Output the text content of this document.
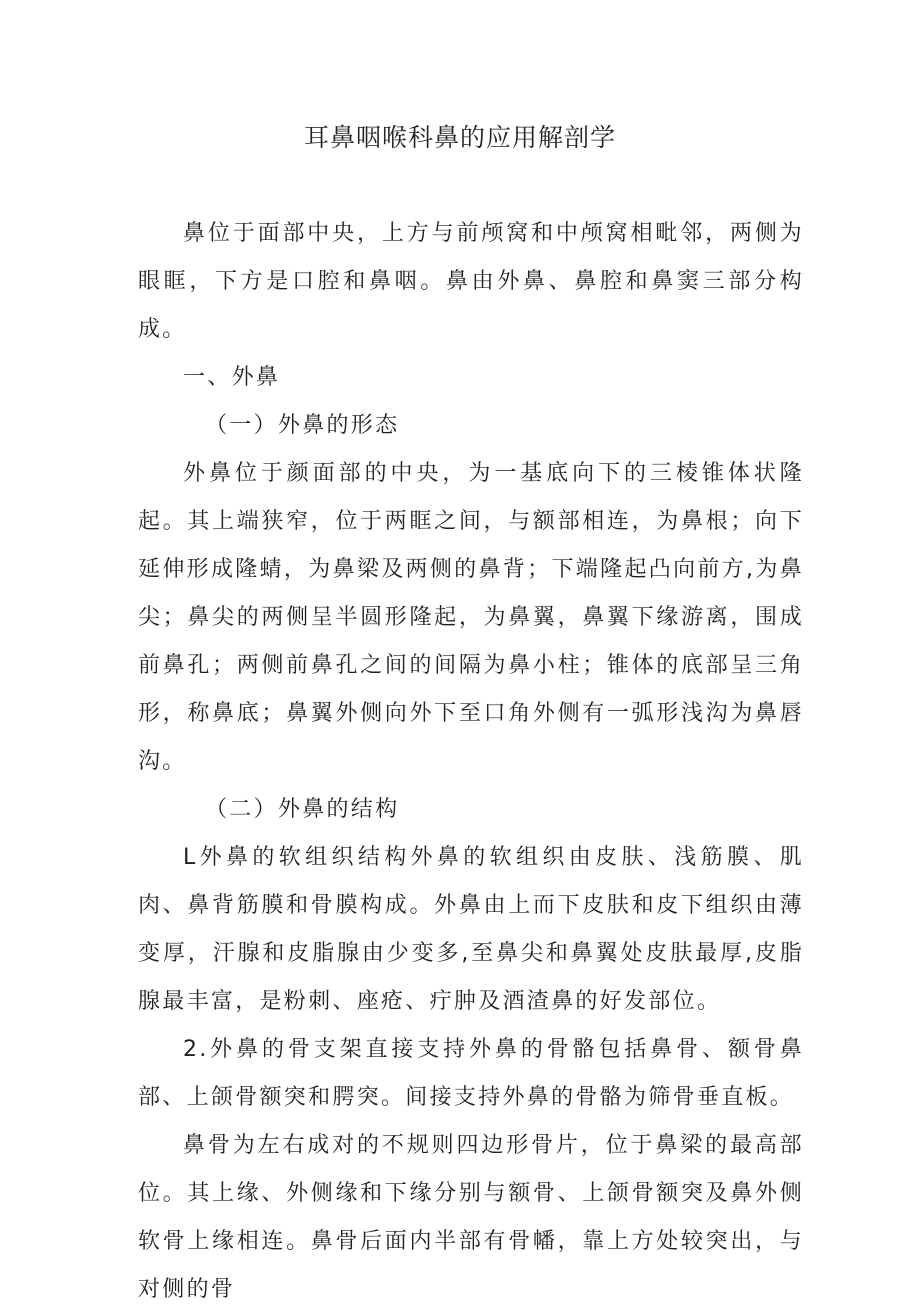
耳鼻咽喉科鼻的应用解剖学

鼻位于面部中央，上方与前颅窝和中颅窝相毗邻，两侧为眼眶，下方是口腔和鼻咽。鼻由外鼻、鼻腔和鼻窦三部分构成。

一、外鼻

（一）外鼻的形态

外鼻位于颜面部的中央，为一基底向下的三棱锥体状隆起。其上端狭窄，位于两眶之间，与额部相连，为鼻根；向下延伸形成隆蜻，为鼻梁及两侧的鼻背；下端隆起凸向前方,为鼻尖；鼻尖的两侧呈半圆形隆起，为鼻翼，鼻翼下缘游离，围成前鼻孔；两侧前鼻孔之间的间隔为鼻小柱；锥体的底部呈三角形，称鼻底；鼻翼外侧向外下至口角外侧有一弧形浅沟为鼻唇沟。

（二）外鼻的结构

L外鼻的软组织结构外鼻的软组织由皮肤、浅筋膜、肌肉、鼻背筋膜和骨膜构成。外鼻由上而下皮肤和皮下组织由薄变厚，汗腺和皮脂腺由少变多,至鼻尖和鼻翼处皮肤最厚,皮脂腺最丰富，是粉刺、座疮、疔肿及酒渣鼻的好发部位。

2.外鼻的骨支架直接支持外鼻的骨骼包括鼻骨、额骨鼻部、上颌骨额突和腭突。间接支持外鼻的骨骼为筛骨垂直板。

鼻骨为左右成对的不规则四边形骨片，位于鼻梁的最高部位。其上缘、外侧缘和下缘分别与额骨、上颌骨额突及鼻外侧软骨上缘相连。鼻骨后面内半部有骨幡，靠上方处较突出，与对侧的骨
